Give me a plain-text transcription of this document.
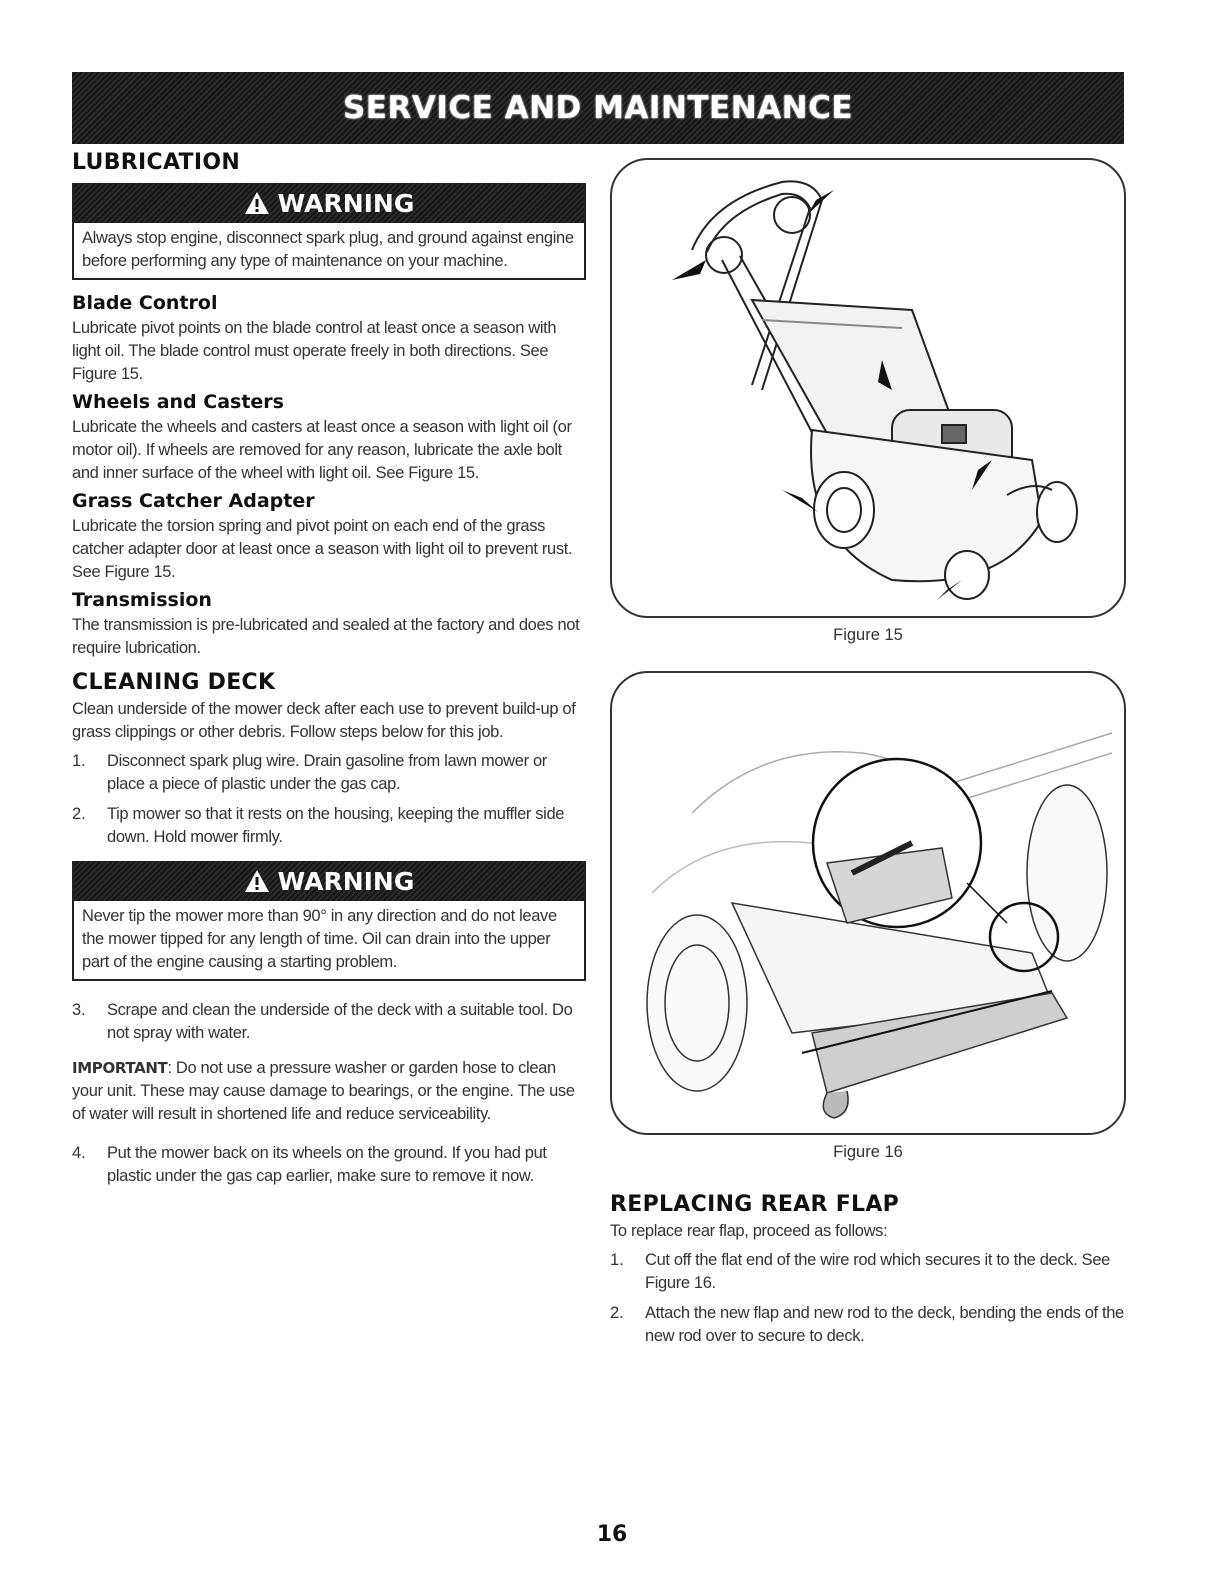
SERVICE AND MAINTENANCE
LUBRICATION
WARNING

Always stop engine, disconnect spark plug, and ground against engine before performing any type of maintenance on your machine.

Blade Control

Lubricate pivot points on the blade control at least once a season with light oil. The blade control must operate freely in both directions. See Figure 15.

Wheels and Casters

Lubricate the wheels and casters at least once a season with light oil (or motor oil). If wheels are removed for any reason, lubricate the axle bolt and inner surface of the wheel with light oil. See Figure 15.

Grass Catcher Adapter

Lubricate the torsion spring and pivot point on each end of the grass catcher adapter door at least once a season with light oil to prevent rust. See Figure 15.

Transmission

The transmission is pre-lubricated and sealed at the factory and does not require lubrication.

CLEANING DECK

Clean underside of the mower deck after each use to prevent build-up of grass clippings or other debris. Follow steps below for this job.

1.	Disconnect spark plug wire. Drain gasoline from lawn mower or place a piece of plastic under the gas cap.
2.	Tip mower so that it rests on the housing, keeping the muffler side down. Hold mower firmly.
WARNING

Never tip the mower more than 90° in any direction and do not leave the mower tipped for any length of time. Oil can drain into the upper part of the engine causing a starting problem.

3.	Scrape and clean the underside of the deck with a suitable tool. Do not spray with water.

IMPORTANT: Do not use a pressure washer or garden hose to clean your unit. These may cause damage to bearings, or the engine. The use of water will result in shortened life and reduce serviceability.

4.	Put the mower back on its wheels on the ground. If you had put plastic under the gas cap earlier, make sure to remove it now.
Figure 15
Figure 16
REPLACING REAR FLAP

To replace rear flap, proceed as follows:

1.	Cut off the flat end of the wire rod which secures it to the deck. See Figure 16.
2.	Attach the new flap and new rod to the deck, bending the ends of the new rod over to secure to deck.
16
